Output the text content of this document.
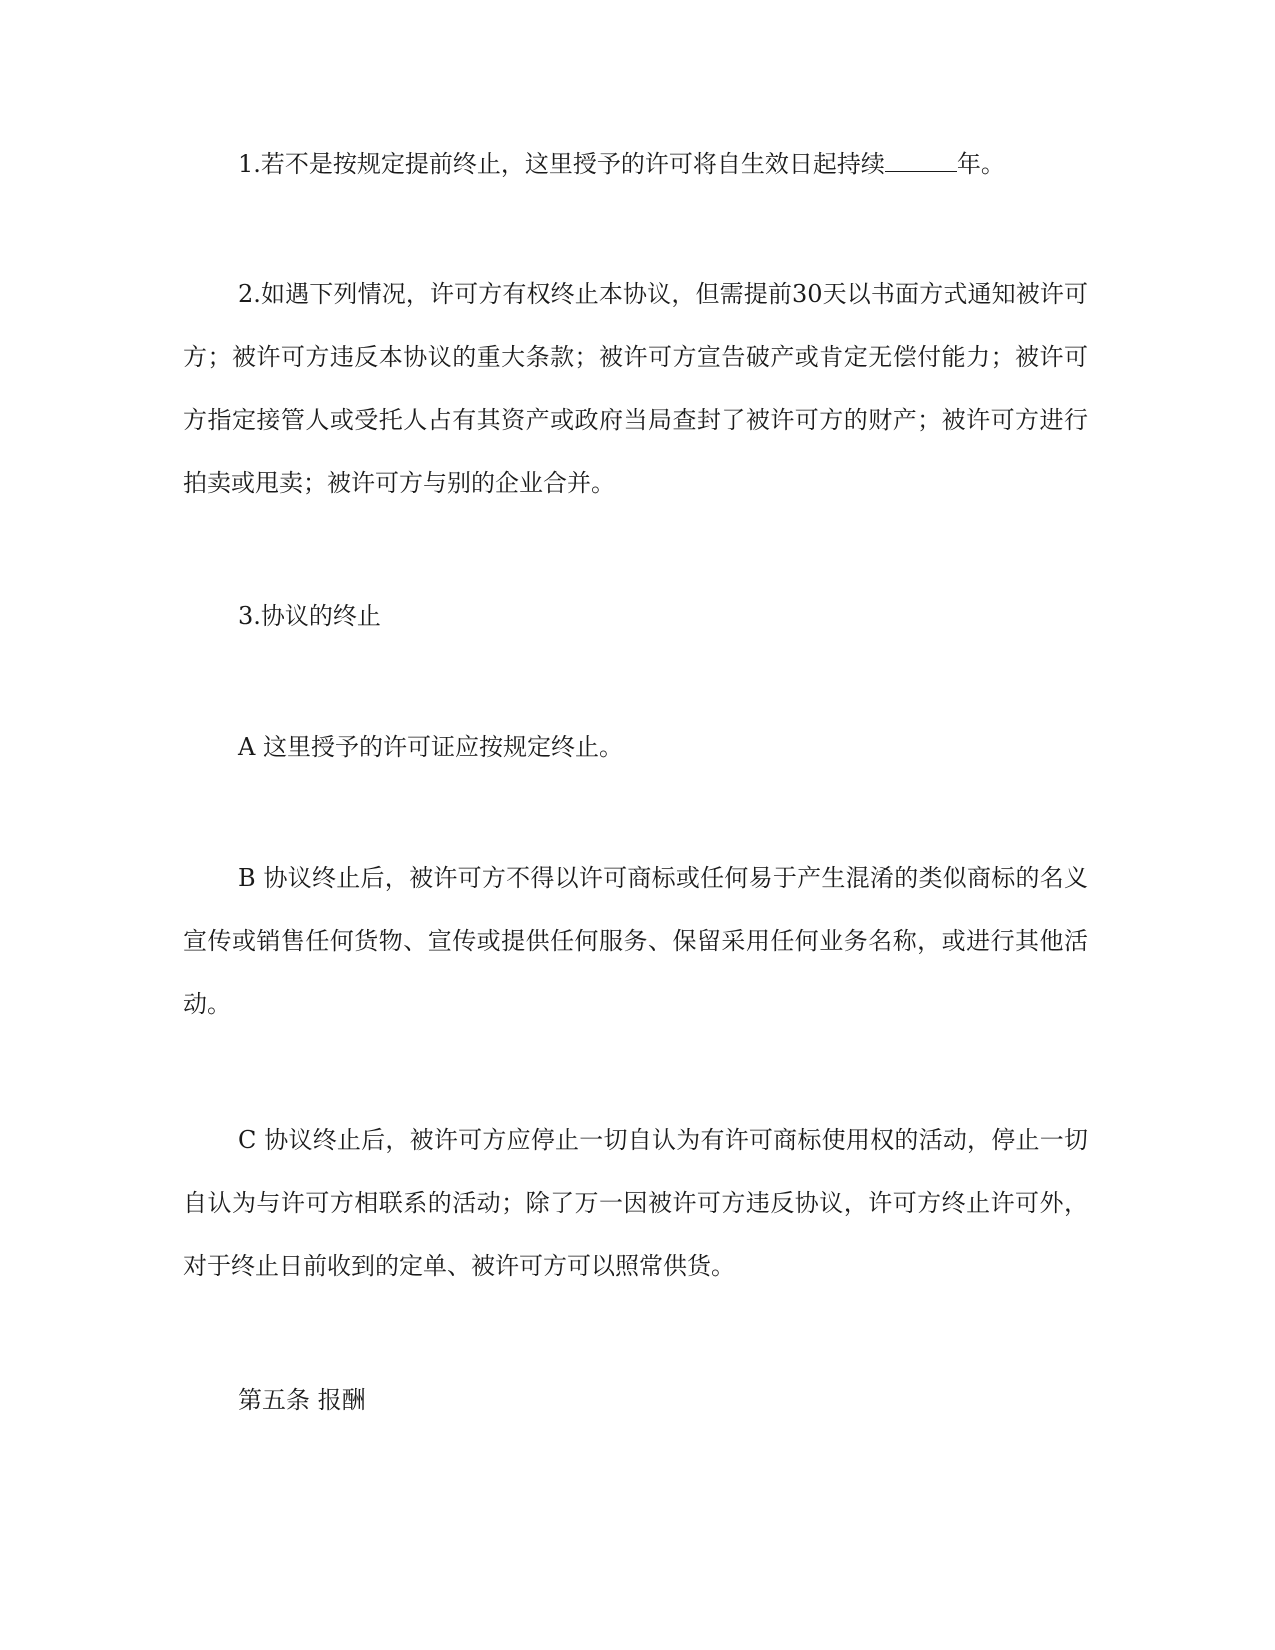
1.若不是按规定提前终止，这里授予的许可将自生效日起持续	年。

2.如遇下列情况，许可方有权终止本协议，但需提前30天以书面方式通知被许可方；被许可方违反本协议的重大条款；被许可方宣告破产或肯定无偿付能力；被许可方指定接管人或受托人占有其资产或政府当局查封了被许可方的财产；被许可方进行拍卖或甩卖；被许可方与别的企业合并。

3.协议的终止

A 这里授予的许可证应按规定终止。

B 协议终止后，被许可方不得以许可商标或任何易于产生混淆的类似商标的名义宣传或销售任何货物、宣传或提供任何服务、保留采用任何业务名称，或进行其他活动。

C 协议终止后，被许可方应停止一切自认为有许可商标使用权的活动，停止一切自认为与许可方相联系的活动；除了万一因被许可方违反协议，许可方终止许可外，对于终止日前收到的定单、被许可方可以照常供货。

第五条 报酬
